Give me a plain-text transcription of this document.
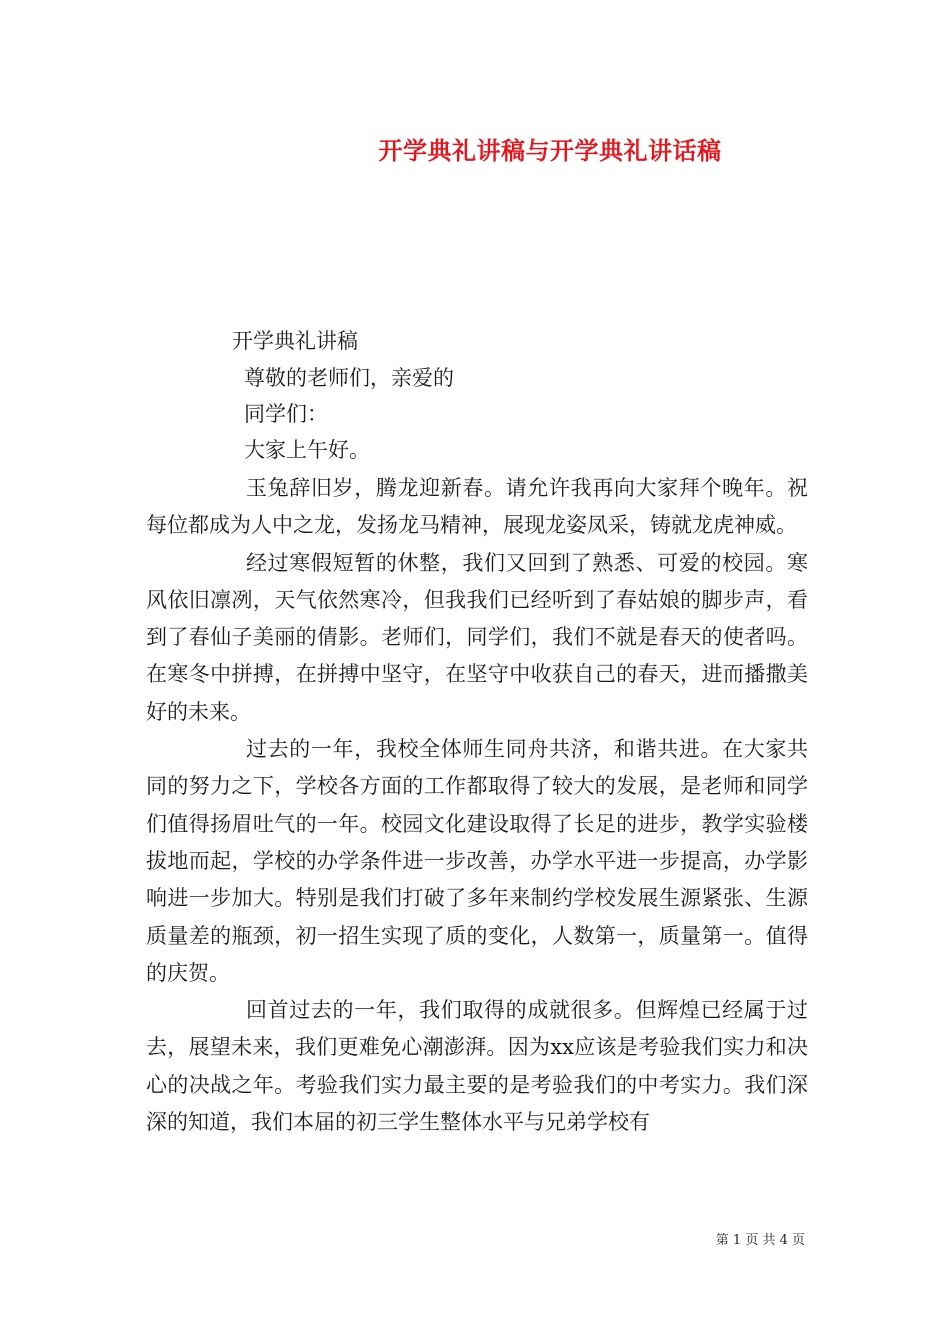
开学典礼讲稿与开学典礼讲话稿

开学典礼讲稿

尊敬的老师们，亲爱的

同学们：

大家上午好。

玉兔辞旧岁，腾龙迎新春。请允许我再向大家拜个晚年。祝每位都成为人中之龙，发扬龙马精神，展现龙姿凤采，铸就龙虎神威。

经过寒假短暂的休整，我们又回到了熟悉、可爱的校园。寒风依旧凛冽，天气依然寒冷，但我我们已经听到了春姑娘的脚步声，看到了春仙子美丽的倩影。老师们，同学们，我们不就是春天的使者吗。在寒冬中拼搏，在拼搏中坚守，在坚守中收获自己的春天，进而播撒美好的未来。

过去的一年，我校全体师生同舟共济，和谐共进。在大家共同的努力之下，学校各方面的工作都取得了较大的发展，是老师和同学们值得扬眉吐气的一年。校园文化建设取得了长足的进步，教学实验楼拔地而起，学校的办学条件进一步改善，办学水平进一步提高，办学影响进一步加大。特别是我们打破了多年来制约学校发展生源紧张、生源质量差的瓶颈，初一招生实现了质的变化，人数第一，质量第一。值得的庆贺。

回首过去的一年，我们取得的成就很多。但辉煌已经属于过去，展望未来，我们更难免心潮澎湃。因为xx应该是考验我们实力和决心的决战之年。考验我们实力最主要的是考验我们的中考实力。我们深深的知道，我们本届的初三学生整体水平与兄弟学校有

第 1 页 共 4 页
